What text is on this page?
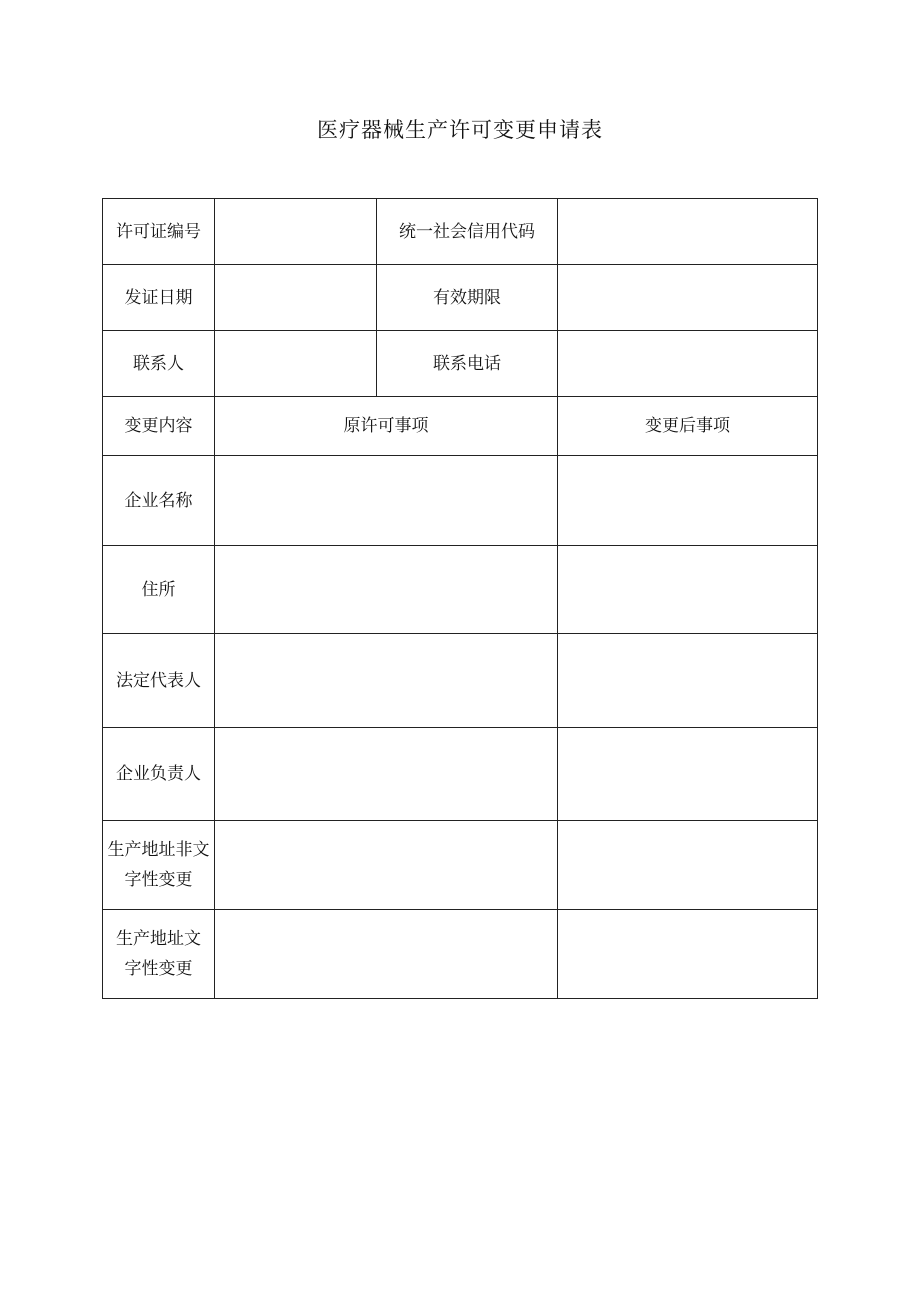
医疗器械生产许可变更申请表
许可证编号		统一社会信用代码	
发证日期		有效期限	
联系人		联系电话	
变更内容	原许可事项		变更后事项
企业名称			
住所			
法定代表人			
企业负责人			
生产地址非文字性变更			
生产地址文字性变更			
